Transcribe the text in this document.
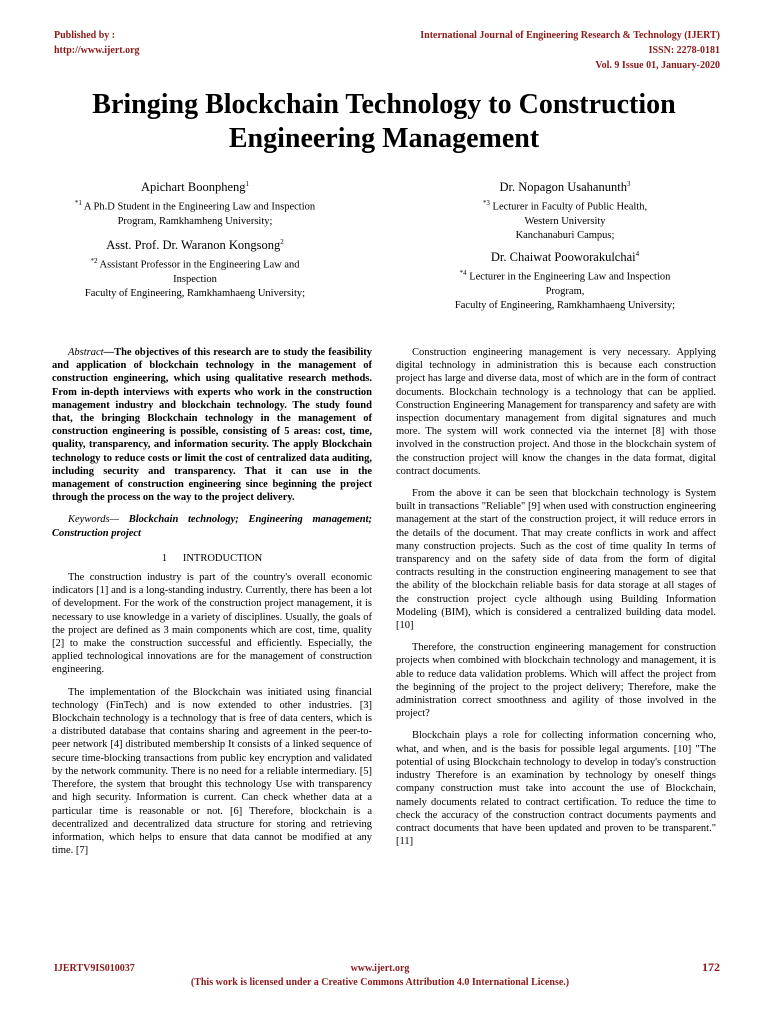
Published by :
http://www.ijert.org
International Journal of Engineering Research & Technology (IJERT)
ISSN: 2278-0181
Vol. 9 Issue 01, January-2020
Bringing Blockchain Technology to Construction
Engineering Management
Apichart Boonpheng$^1$
$^{*1}$ A Ph.D Student in the Engineering Law and Inspection
Program, Ramkhamheng University;
Asst. Prof. Dr. Waranon Kongsong$^2$
$^{*2}$ Assistant Professor in the Engineering Law and
Inspection
Faculty of Engineering, Ramkhamhaeng University;
Dr. Nopagon Usahanunth$^3$
$^{*3}$ Lecturer in Faculty of Public Health,
Western University
Kanchanaburi Campus;
Dr. Chaiwat Pooworakulchai$^4$
$^{*4}$ Lecturer in the Engineering Law and Inspection
Program,
Faculty of Engineering, Ramkhamhaeng University;

Abstract—The objectives of this research are to study the feasibility and application of blockchain technology in the management of construction engineering, which using qualitative research methods. From in-depth interviews with experts who work in the construction management industry and blockchain technology. The study found that, the bringing Blockchain technology in the management of construction engineering is possible, consisting of 5 areas: cost, time, quality, transparency, and information security. The apply Blockchain technology to reduce costs or limit the cost of centralized data auditing, including security and transparency. That it can use in the management of construction engineering since beginning the project through the process on the way to the project delivery.

Keywords— Blockchain technology; Engineering management; Construction project

1 INTRODUCTION

The construction industry is part of the country's overall economic indicators [1] and is a long-standing industry. Currently, there has been a lot of development. For the work of the construction project management, it is necessary to use knowledge in a variety of disciplines. Usually, the goals of the project are defined as 3 main components which are cost, time, quality [2] to make the construction successful and efficiently. Especially, the applied technological innovations are for the management of construction engineering.

The implementation of the Blockchain was initiated using financial technology (FinTech) and is now extended to other industries. [3] Blockchain technology is a technology that is free of data centers, which is a distributed database that contains sharing and agreement in the peer-to-peer network [4] distributed membership It consists of a linked sequence of secure time-blocking transactions from public key encryption and validated by the network community. There is no need for a reliable intermediary. [5] Therefore, the system that brought this technology Use with transparency and high security. Information is current. Can check whether data at a particular time is reasonable or not. [6] Therefore, blockchain is a decentralized and decentralized data structure for storing and retrieving information, which helps to ensure that data cannot be modified at any time. [7]

Construction engineering management is very necessary. Applying digital technology in administration this is because each construction project has large and diverse data, most of which are in the form of contract documents. Blockchain technology is a technology that can be applied. Construction Engineering Management for transparency and safety are with inspection documentary management from digital signatures and much more. The system will work connected via the internet [8] with those involved in the construction project. And those in the blockchain system of the construction project will know the changes in the data format, digital contract documents.

From the above it can be seen that blockchain technology is System built in transactions "Reliable" [9] when used with construction engineering management at the start of the construction project, it will reduce errors in the details of the document. That may create conflicts in work and affect many construction projects. Such as the cost of time quality In terms of transparency and on the safety side of data from the form of digital contracts resulting in the construction engineering management to see that the ability of the blockchain reliable basis for data storage at all stages of the construction project cycle although using Building Information Modeling (BIM), which is considered a centralized building data model. [10]

Therefore, the construction engineering management for construction projects when combined with blockchain technology and management, it is able to reduce data validation problems. Which will affect the project from the beginning of the project to the project delivery; Therefore, make the administration correct smoothness and agility of those involved in the project?

Blockchain plays a role for collecting information concerning who, what, and when, and is the basis for possible legal arguments. [10] "The potential of using Blockchain technology to develop in today's construction industry Therefore is an examination by technology by oneself things company construction must take into account the use of Blockchain, namely documents related to contract certification. To reduce the time to check the accuracy of the construction contract documents payments and contract documents that have been updated and proven to be transparent." [11]

IJERTV9IS010037	www.ijert.org	172
(This work is licensed under a Creative Commons Attribution 4.0 International License.)
